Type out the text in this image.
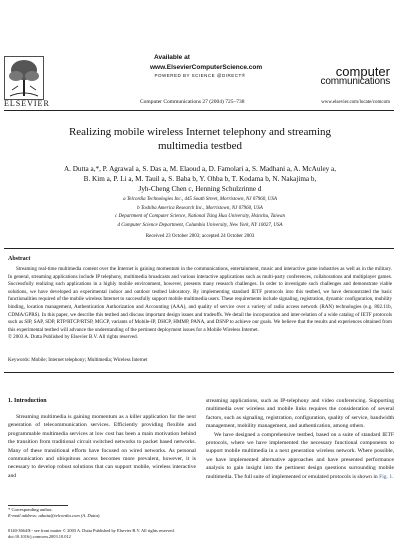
ELSEVIER
Available at
www.ElsevierComputerScience.com
POWERED BY SCIENCE @DIRECT®
Computer Communications 27 (2004) 725–738
computer
communications
www.elsevier.com/locate/comcom
Realizing mobile wireless Internet telephony and streaming
multimedia testbed
A. Dutta a,*, P. Agrawal a, S. Das a, M. Elaoud a, D. Famolari a, S. Madhani a, A. McAuley a,
B. Kim a, P. Li a, M. Tauil a, S. Baba b, Y. Ohba b, T. Kodama b, N. Nakajima b,
Jyh-Cheng Chen c, Henning Schulzrinne d
a Telcordia Technologies Inc., 445 South Street, Morristown, NJ 07960, USA
b Toshiba America Research Inc., Morristown, NJ 07960, USA
c Department of Computer Science, National Tsing Hua University, Hsinchu, Taiwan
d Computer Science Department, Columbia University, New York, NY 10027, USA
Received 23 October 2003; accepted 24 October 2003
Abstract
Streaming real-time multimedia content over the Internet is gaining momentum in the communications, entertainment, music and interactive game industries as well as in the military. In general, streaming applications include IP telephony, multimedia broadcasts and various interactive applications such as multi-party conferences, collaborations and multiplayer games. Successfully realizing such applications in a highly mobile environment, however, presents many research challenges. In order to investigate such challenges and demonstrate viable solutions, we have developed an experimental indoor and outdoor testbed laboratory. By implementing standard IETF protocols into this testbed, we have demonstrated the basic functionalities required of the mobile wireless Internet to successfully support mobile multimedia users. These requirements include signaling, registration, dynamic configuration, mobility binding, location management, Authentication Authorization and Accounting (AAA), and quality of service over a variety of radio access network (RAN) technologies (e.g. 802.11b, CDMA/GPRS). In this paper, we describe this testbed and discuss important design issues and tradeoffs. We detail the incorporation and inter-relation of a wide catalog of IETF protocols such as SIP, SAP, SDP, RTP/RTCP/RTSP, MGCP, variants of Mobile-IP, DHCP, HMMP, PANA, and DSNP to achieve our goals. We believe that the results and experiences obtained from this experimental testbed will advance the understanding of the pertinent deployment issues for a Mobile Wireless Internet.
© 2003 A. Dutta Published by Elsevier B.V. All rights reserved.
Keywords: Mobile; Internet telephony; Multimedia; Wireless Internet
1. Introduction
Streaming multimedia is gaining momentum as a killer application for the next generation of telecommunication services. Efficiently providing flexible and programmable multimedia services at low cost has been a main motivation behind the transition from traditional circuit switched networks to packet based networks. Many of these transitional efforts have focused on wired networks. As personal communication and ubiquitous access becomes more prevalent, however, it is necessary to develop robust solutions that can support mobile, wireless interactive and

streaming applications, such as IP-telephony and video conferencing. Supporting multimedia over wireless and mobile links requires the consideration of several factors, such as signaling, registration, configuration, quality of service, bandwidth management, mobility management, and authentication, among others.

We have designed a comprehensive testbed, based on a suite of standard IETF protocols, where we have implemented the necessary functional components to support mobile multimedia in a next generation wireless network. Where possible, we have implemented alternative approaches and have presented performance analysis to gain insight into the pertinent design questions surrounding mobile multimedia. The full suite of implemented or emulated protocols is shown in Fig. 1.

* Corresponding author.
E-mail address: adutta@telcordia.com (A. Dutta).
0140-3664/$ - see front matter © 2003 A. Dutta Published by Elsevier B.V. All rights reserved.
doi:10.1016/j.comcom.2003.10.012
